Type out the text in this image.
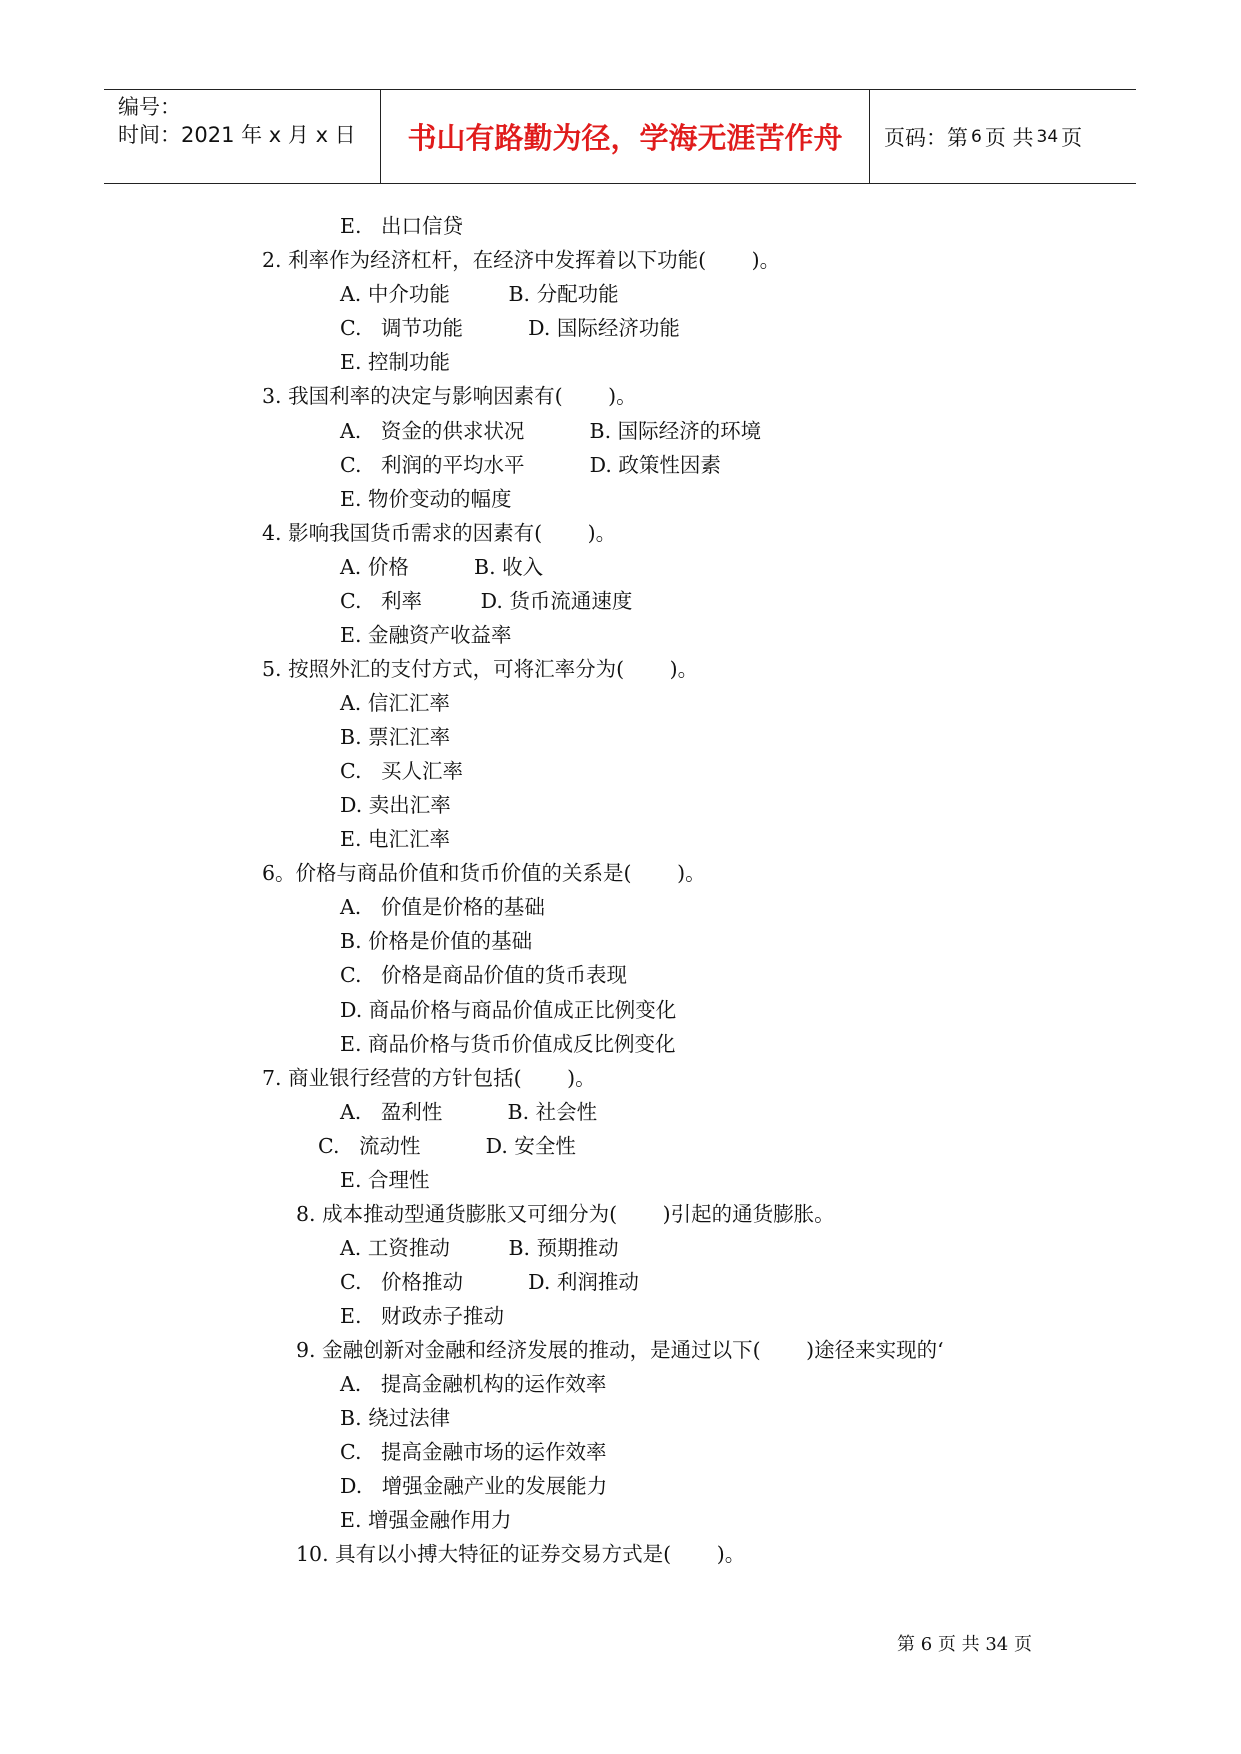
编号：
时间：2021 年 x 月 x 日	书山有路勤为径，学海无涯苦作舟	页码：第 6 页 共 34 页
E.   出口信贷
2. 利率作为经济杠杆，在经济中发挥着以下功能(       )。
A. 中介功能         B. 分配功能
C.   调节功能          D. 国际经济功能
E. 控制功能
3. 我国利率的决定与影响因素有(       )。
A.   资金的供求状况          B. 国际经济的环境
C.   利润的平均水平          D. 政策性因素
E. 物价变动的幅度
4. 影响我国货币需求的因素有(       )。
A. 价格          B. 收入
C.   利率         D. 货币流通速度
E. 金融资产收益率
5. 按照外汇的支付方式，可将汇率分为(       )。
A. 信汇汇率
B. 票汇汇率
C.   买人汇率
D. 卖出汇率
E. 电汇汇率
6。价格与商品价值和货币价值的关系是(       )。
A.   价值是价格的基础
B. 价格是价值的基础
C.   价格是商品价值的货币表现
D. 商品价格与商品价值成正比例变化
E. 商品价格与货币价值成反比例变化
7. 商业银行经营的方针包括(       )。
A.   盈利性          B. 社会性
C.   流动性          D. 安全性
E. 合理性
8. 成本推动型通货膨胀又可细分为(       )引起的通货膨胀。
A. 工资推动         B. 预期推动
C.   价格推动          D. 利润推动
E.   财政赤子推动
9. 金融创新对金融和经济发展的推动，是通过以下(       )途径来实现的‘
A.   提高金融机构的运作效率
B. 绕过法律
C.   提高金融市场的运作效率
D.   增强金融产业的发展能力
E. 增强金融作用力
10. 具有以小搏大特征的证券交易方式是(       )。
第 6 页 共 34 页
